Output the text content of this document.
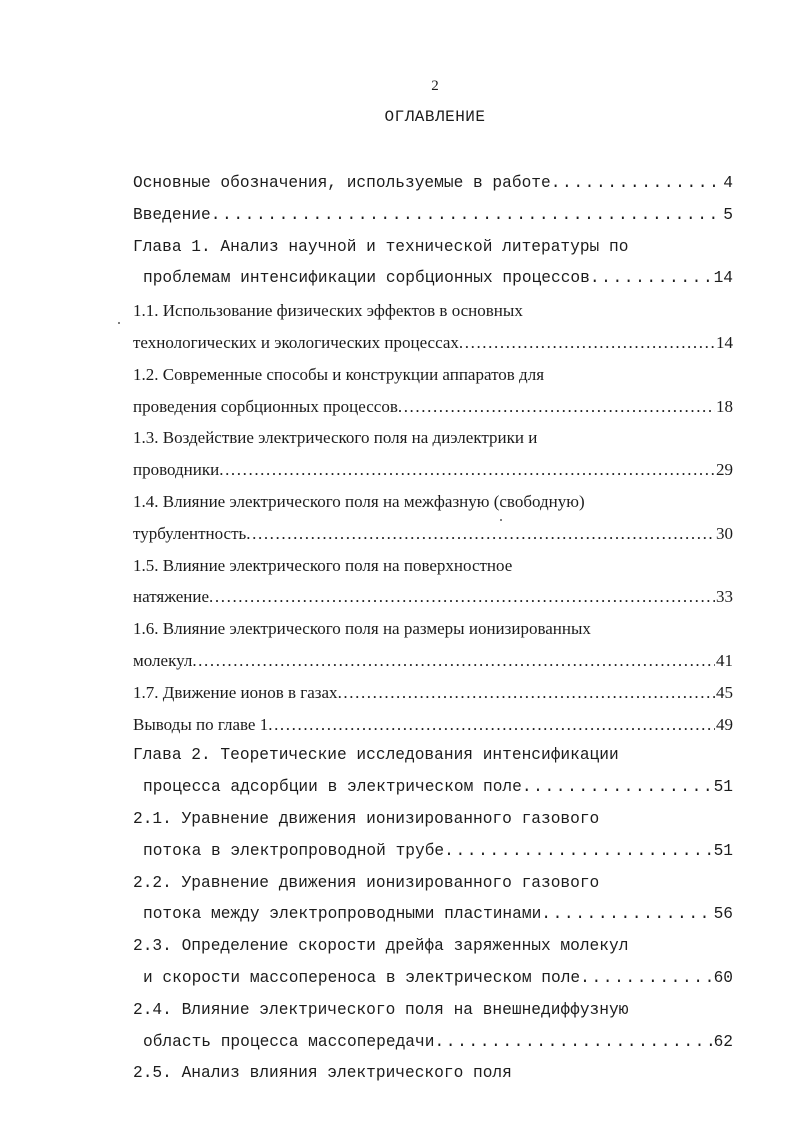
2
ОГЛАВЛЕНИЕ
Основные обозначения, используемые в работе .....	4
Введение .....	5
Глава 1. Анализ научной и технической литературы по
проблемам интенсификации сорбционных процессов .....	14
1.1. Использование физических эффектов в основных
технологических и экологических процессах .....	14
1.2. Современные способы и конструкции аппаратов для
проведения сорбционных процессов .....	18
1.3. Воздействие электрического поля на диэлектрики и
проводники .....	29
1.4. Влияние электрического поля на межфазную (свободную)
турбулентность .....	30
1.5. Влияние электрического поля на поверхностное
натяжение .....	33
1.6. Влияние электрического поля на размеры ионизированных
молекул .....	41
1.7. Движение ионов в газах .....	45
Выводы по главе 1 .....	49
Глава 2. Теоретические исследования интенсификации
процесса адсорбции в электрическом поле .....	51
2.1. Уравнение движения ионизированного газового
потока в электропроводной трубе .....	51
2.2. Уравнение движения ионизированного газового
потока между электропроводными пластинами .....	56
2.3. Определение скорости дрейфа заряженных молекул
и скорости массопереноса в электрическом поле .....	60
2.4. Влияние электрического поля на внешнедиффузную
область процесса массопередачи .....	62
2.5. Анализ влияния электрического поля
